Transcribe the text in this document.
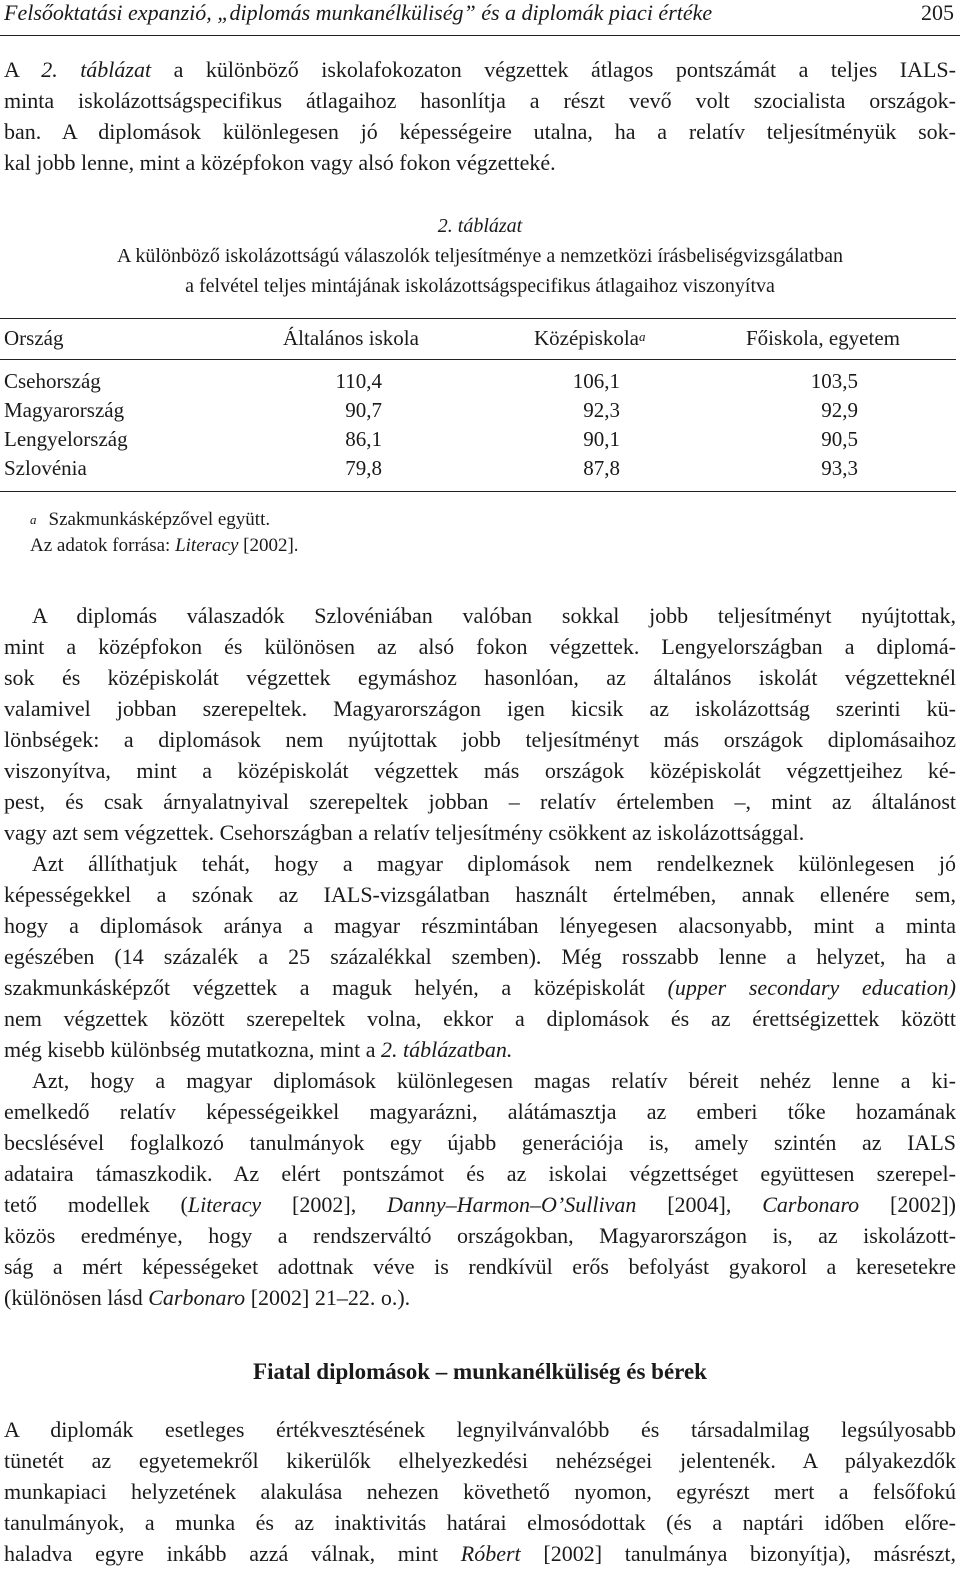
Felsőoktatási expanzió, „diplomás munkanélküliség” és a diplomák piaci értéke	205
A 2. táblázat a különböző iskolafokozaton végzettek átlagos pontszámát a teljes IALS-
minta iskolázottságspecifikus átlagaihoz hasonlítja a részt vevő volt szocialista országok-
ban. A diplomások különlegesen jó képességeire utalna, ha a relatív teljesítményük sok-
kal jobb lenne, mint a középfokon vagy alsó fokon végzetteké.
2. táblázat
A különböző iskolázottságú válaszolók teljesítménye a nemzetközi írásbeliségvizsgálatban
a felvétel teljes mintájának iskolázottságspecifikus átlagaihoz viszonyítva
Ország	Általános iskola	Középiskola$^a$	Főiskola, egyetem
Csehország	110,4	106,1	103,5
Magyarország	90,7	92,3	92,9
Lengyelország	86,1	90,1	90,5
Szlovénia	79,8	87,8	93,3
$^a$ Szakmunkásképzővel együtt.
Az adatok forrása: Literacy [2002].
A diplomás válaszadók Szlovéniában valóban sokkal jobb teljesítményt nyújtottak,
mint a középfokon és különösen az alsó fokon végzettek. Lengyelországban a diplomá-
sok és középiskolát végzettek egymáshoz hasonlóan, az általános iskolát végzetteknél
valamivel jobban szerepeltek. Magyarországon igen kicsik az iskolázottság szerinti kü-
lönbségek: a diplomások nem nyújtottak jobb teljesítményt más országok diplomásaihoz
viszonyítva, mint a középiskolát végzettek más országok középiskolát végzettjeihez ké-
pest, és csak árnyalatnyival szerepeltek jobban – relatív értelemben –, mint az általánost
vagy azt sem végzettek. Csehországban a relatív teljesítmény csökkent az iskolázottsággal.
Azt állíthatjuk tehát, hogy a magyar diplomások nem rendelkeznek különlegesen jó
képességekkel a szónak az IALS-vizsgálatban használt értelmében, annak ellenére sem,
hogy a diplomások aránya a magyar részmintában lényegesen alacsonyabb, mint a minta
egészében (14 százalék a 25 százalékkal szemben). Még rosszabb lenne a helyzet, ha a
szakmunkásképzőt végzettek a maguk helyén, a középiskolát (upper secondary education)
nem végzettek között szerepeltek volna, ekkor a diplomások és az érettségizettek között
még kisebb különbség mutatkozna, mint a 2. táblázatban.
Azt, hogy a magyar diplomások különlegesen magas relatív béreit nehéz lenne a ki-
emelkedő relatív képességeikkel magyarázni, alátámasztja az emberi tőke hozamának
becslésével foglalkozó tanulmányok egy újabb generációja is, amely szintén az IALS
adataira támaszkodik. Az elért pontszámot és az iskolai végzettséget együttesen szerepel-
tető modellek (Literacy [2002], Danny–Harmon–O’Sullivan [2004], Carbonaro [2002])
közös eredménye, hogy a rendszerváltó országokban, Magyarországon is, az iskolázott-
ság a mért képességeket adottnak véve is rendkívül erős befolyást gyakorol a keresetekre
(különösen lásd Carbonaro [2002] 21–22. o.).
Fiatal diplomások – munkanélküliség és bérek
A diplomák esetleges értékvesztésének legnyilvánvalóbb és társadalmilag legsúlyosabb
tünetét az egyetemekről kikerülők elhelyezkedési nehézségei jelentenék. A pályakezdők
munkapiaci helyzetének alakulása nehezen követhető nyomon, egyrészt mert a felsőfokú
tanulmányok, a munka és az inaktivitás határai elmosódottak (és a naptári időben előre-
haladva egyre inkább azzá válnak, mint Róbert [2002] tanulmánya bizonyítja), másrészt,
